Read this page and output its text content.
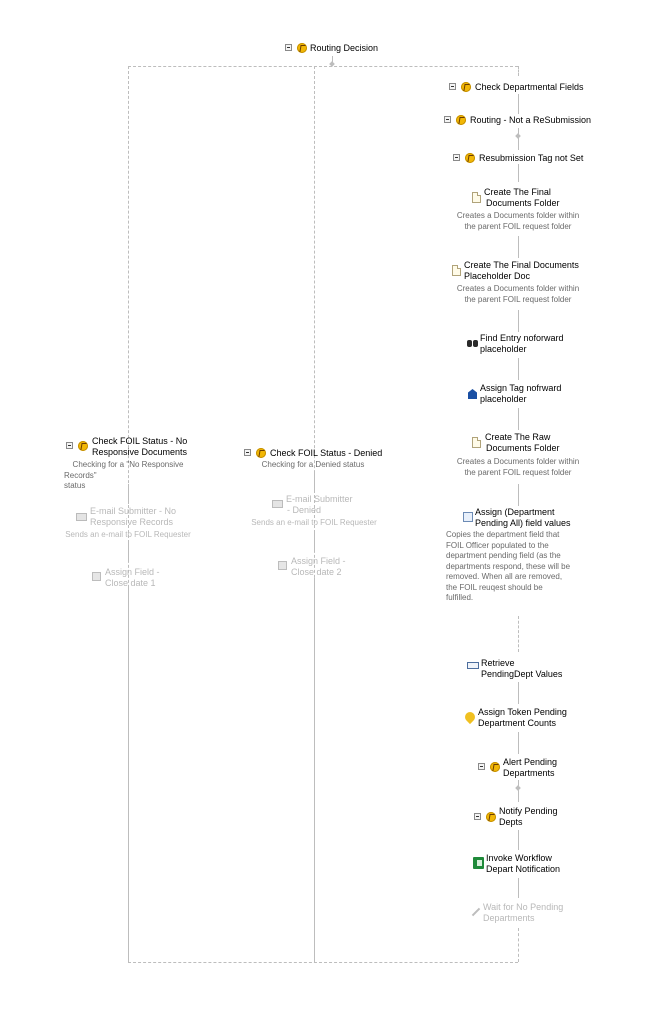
Routing Decision
Check Departmental Fields
Routing - Not a ReSubmission
Resubmission Tag not Set
Create The Final
Documents Folder
Creates a Documents folder within
the parent FOIL request folder
Create The Final Documents
Placeholder Doc
Creates a Documents folder within
the parent FOIL request folder
Find Entry noforward
placeholder
Assign Tag nofrward
placeholder
Create The Raw
Documents Folder
Creates a Documents folder within
the parent FOIL request folder
Assign (Department
Pending All) field values
Copies the department field that
FOIL Officer populated to the
department pending field (as the
departments respond, these will be
removed. When all are removed,
the FOIL reuqest should be
fulfilled.
Retrieve
PendingDept Values
Assign Token Pending
Department Counts
Alert Pending
Departments
Notify Pending
Depts
Invoke Workflow
Depart Notification
Wait for No Pending
Departments
Check FOIL Status - No
Responsive Documents
Checking for a "No Responsive
Records" status
E-mail Submitter - No
Responsive Records
Sends an e-mail to FOIL Requester
Assign Field -
Close date 1
Check FOIL Status - Denied
Checking for a Denied status
E-mail Submitter
- Denied
Sends an e-mail to FOIL Requester
Assign Field -
Close date 2
